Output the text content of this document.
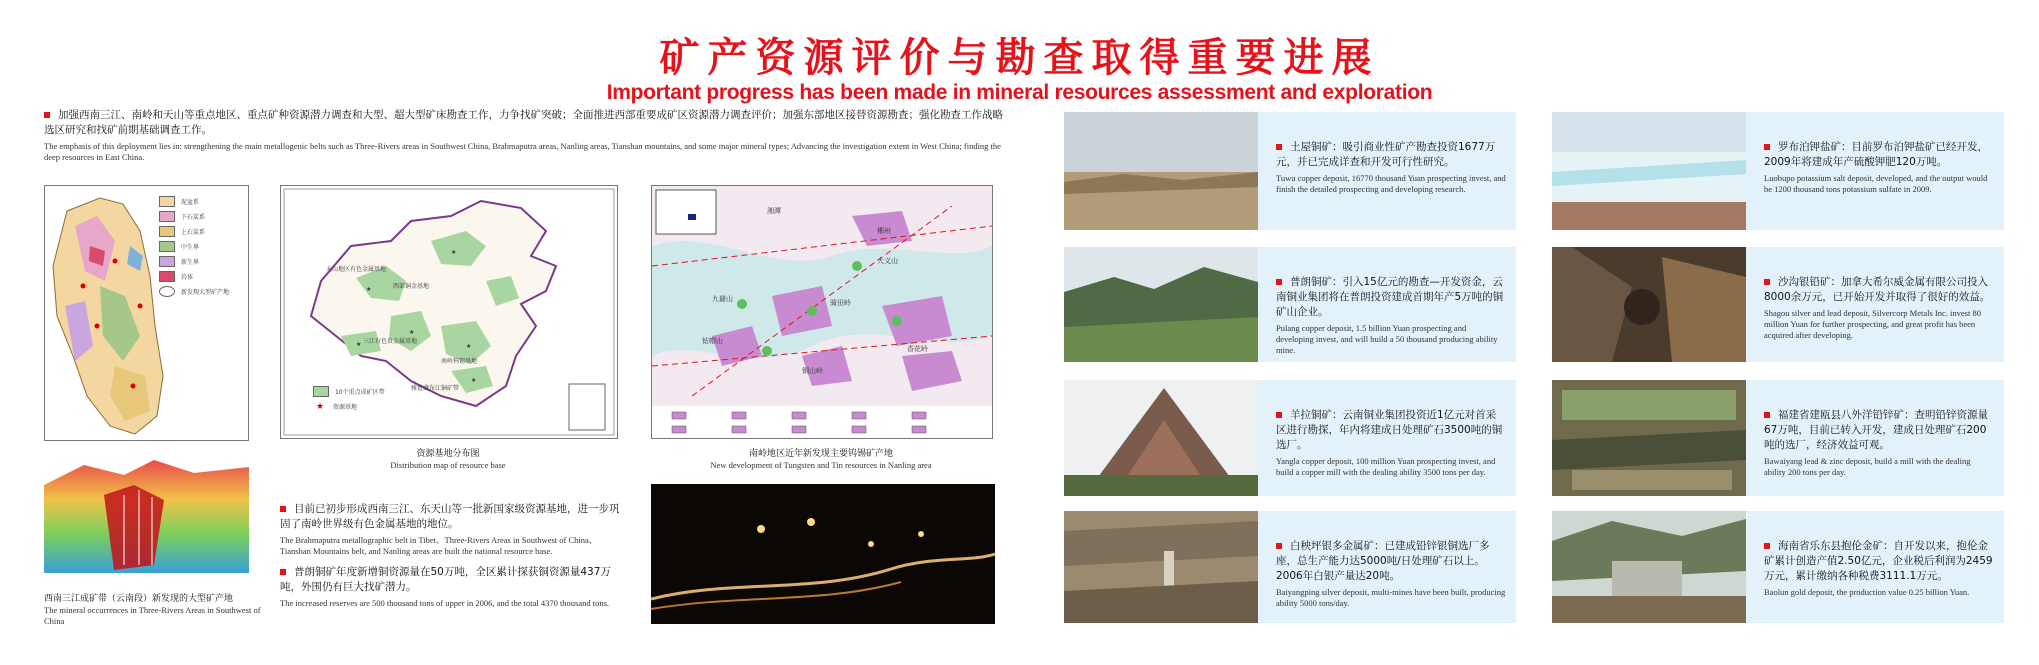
矿产资源评价与勘查取得重要进展
Important progress has been made in mineral resources assessment and exploration
加强西南三江、南岭和天山等重点地区、重点矿种资源潜力调查和大型、超大型矿床勘查工作，力争找矿突破；全面推进西部重要成矿区资源潜力调查评价；加强东部地区接替资源勘查；强化勘查工作战略选区研究和找矿前期基础调查工作。
The emphasis of this deployment lies in: strengthening the main metallogenic belts such as Three-Rivers areas in Southwest China, Brahmaputra areas, Nanling areas, Tianshan mountains, and some major mineral types; Advancing the investigation extent in West China; finding the deep resources in East China.
泥盆系
下石炭系
上石炭系
中生界
新生界
岩体
新发现大型矿产地	★
★
★
★
★
★
天山地区有色金属基地
西部铜金基地
三江有色贵金属基地
南岭钨锡基地
雅鲁藏布江铜矿带
10个重点成矿区带
★	资源基地
资源基地分布图
Distribution map of resource base
湘潭
郴州
九嶷山	骑田岭
钻帽山
铜山岭
大义山
香花岭
南岭地区近年新发现主要钨锡矿产地
New development of Tungsten and Tin resources in Nanling area
西南三江成矿带（云南段）新发现的大型矿产地
The mineral occurrences in Three-Rivers Areas in Southwest of China
目前已初步形成西南三江、东天山等一批新国家级资源基地，进一步巩固了南岭世界级有色金属基地的地位。
The Brahmaputra metallographic belt in Tibet、Three-Rivers Areas in Southwest of China、Tianshan Mountains belt, and Nanling areas are built the national resource base.
普朗铜矿年度新增铜资源量在50万吨，全区累计探获铜资源量437万吨，外围仍有巨大找矿潜力。
The increased reserves are 500 thousand tons of upper in 2006, and the total 4370 thousand tons.
土屋铜矿：吸引商业性矿产勘查投资1677万元，并已完成详查和开发可行性研究。
Tuwu copper deposit, 16770 thousand Yuan prospecting invest, and finish the detailed prospecting and developing research.
普朗铜矿：引入15亿元的勘查—开发资金，云南铜业集团将在普朗投资建成首期年产5万吨的铜矿山企业。
Pulang copper deposit, 1.5 billion Yuan prospecting and developing invest, and will build a 50 thousand producing ability mine.
羊拉铜矿：云南铜业集团投资近1亿元对首采区进行勘探，年内将建成日处理矿石3500吨的铜选厂。
Yangla copper deposit, 100 million Yuan prospecting invest, and build a copper mill with the dealing ability 3500 tons per day.
白秧坪银多金属矿：已建成铅锌银铜选厂多座，总生产能力达5000吨/日处理矿石以上。2006年白银产量达20吨。
Baiyangping silver deposit, multi-mines have been built, producing ability 5000 tons/day.
罗布泊钾盐矿：目前罗布泊钾盐矿已经开发，2009年将建成年产硫酸钾肥120万吨。
Luobupo potassium salt deposit, developed, and the output would be 1200 thousand tons potassium sulfate in 2009.
沙沟银铅矿：加拿大希尔威金属有限公司投入8000余万元，已开始开发并取得了很好的效益。
Shagou silver and lead deposit, Silvercorp Metals Inc. invest 80 million Yuan for further prospecting, and great profit has been acquired after developing.
福建省建瓯县八外洋铅锌矿：查明铅锌资源量67万吨，目前已转入开发，建成日处理矿石200吨的选厂，经济效益可观。
Bawaiyang lead & zinc deposit, build a mill with the dealing ability 200 tons per day.
海南省乐东县抱伦金矿：自开发以来，抱伦金矿累计创造产值2.50亿元，企业税后利润为2459万元，累计缴纳各种税费3111.1万元。
Baolun gold deposit, the production value 0.25 billion Yuan.
